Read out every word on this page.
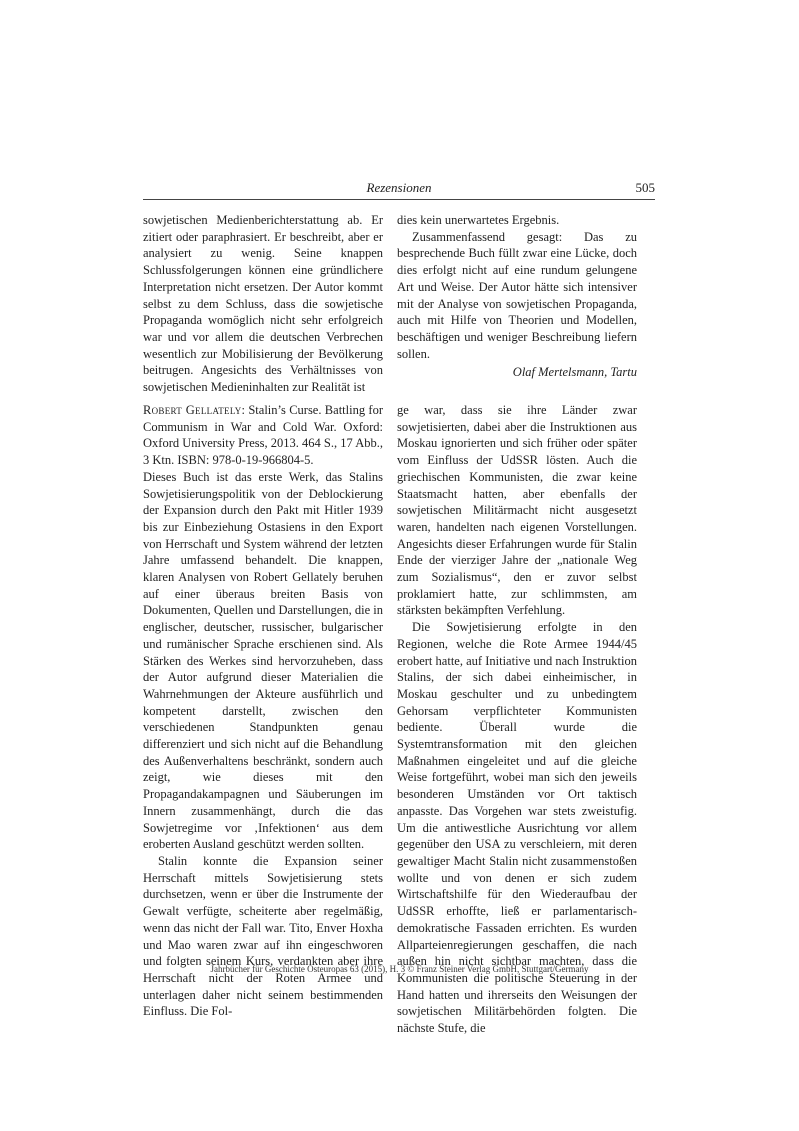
Rezensionen	505

sowjetischen Medienberichterstattung ab. Er zitiert oder paraphrasiert. Er beschreibt, aber er analysiert zu wenig. Seine knappen Schlussfolgerungen können eine gründlichere Interpretation nicht ersetzen. Der Autor kommt selbst zu dem Schluss, dass die sowjetische Propaganda womöglich nicht sehr erfolgreich war und vor allem die deutschen Verbrechen wesentlich zur Mobilisierung der Bevölkerung beitrugen. Angesichts des Verhältnisses von sowjetischen Medieninhalten zur Realität ist

dies kein unerwartetes Ergebnis.

Zusammenfassend gesagt: Das zu besprechende Buch füllt zwar eine Lücke, doch dies erfolgt nicht auf eine rundum gelungene Art und Weise. Der Autor hätte sich intensiver mit der Analyse von sowjetischen Propaganda, auch mit Hilfe von Theorien und Modellen, beschäftigen und weniger Beschreibung liefern sollen.

Olaf Mertelsmann, Tartu

Robert Gellately: Stalin’s Curse. Battling for Communism in War and Cold War. Oxford: Oxford University Press, 2013. 464 S., 17 Abb., 3 Ktn. ISBN: 978-0-19-966804-5.

Dieses Buch ist das erste Werk, das Stalins Sowjetisierungspolitik von der Deblockierung der Expansion durch den Pakt mit Hitler 1939 bis zur Einbeziehung Ostasiens in den Export von Herrschaft und System während der letzten Jahre umfassend behandelt. Die knappen, klaren Analysen von Robert Gellately beruhen auf einer überaus breiten Basis von Dokumenten, Quellen und Darstellungen, die in englischer, deutscher, russischer, bulgarischer und rumänischer Sprache erschienen sind. Als Stärken des Werkes sind hervorzuheben, dass der Autor aufgrund dieser Materialien die Wahrnehmungen der Akteure ausführlich und kompetent darstellt, zwischen den verschiedenen Standpunkten genau differenziert und sich nicht auf die Behandlung des Außenverhaltens beschränkt, sondern auch zeigt, wie dieses mit den Propagandakampagnen und Säuberungen im Innern zusammenhängt, durch die das Sowjetregime vor ‚Infektionen‘ aus dem eroberten Ausland geschützt werden sollten.

Stalin konnte die Expansion seiner Herrschaft mittels Sowjetisierung stets durchsetzen, wenn er über die Instrumente der Gewalt verfügte, scheiterte aber regelmäßig, wenn das nicht der Fall war. Tito, Enver Hoxha und Mao waren zwar auf ihn eingeschworen und folgten seinem Kurs, verdankten aber ihre Herrschaft nicht der Roten Armee und unterlagen daher nicht seinem bestimmenden Einfluss. Die Fol-

ge war, dass sie ihre Länder zwar sowjetisierten, dabei aber die Instruktionen aus Moskau ignorierten und sich früher oder später vom Einfluss der UdSSR lösten. Auch die griechischen Kommunisten, die zwar keine Staatsmacht hatten, aber ebenfalls der sowjetischen Militärmacht nicht ausgesetzt waren, handelten nach eigenen Vorstellungen. Angesichts dieser Erfahrungen wurde für Stalin Ende der vierziger Jahre der „nationale Weg zum Sozialismus“, den er zuvor selbst proklamiert hatte, zur schlimmsten, am stärksten bekämpften Verfehlung.

Die Sowjetisierung erfolgte in den Regionen, welche die Rote Armee 1944/45 erobert hatte, auf Initiative und nach Instruktion Stalins, der sich dabei einheimischer, in Moskau geschulter und zu unbedingtem Gehorsam verpflichteter Kommunisten bediente. Überall wurde die Systemtransformation mit den gleichen Maßnahmen eingeleitet und auf die gleiche Weise fortgeführt, wobei man sich den jeweils besonderen Umständen vor Ort taktisch anpasste. Das Vorgehen war stets zweistufig. Um die antiwestliche Ausrichtung vor allem gegenüber den USA zu verschleiern, mit deren gewaltiger Macht Stalin nicht zusammenstoßen wollte und von denen er sich zudem Wirtschaftshilfe für den Wiederaufbau der UdSSR erhoffte, ließ er parlamentarisch-demokratische Fassaden errichten. Es wurden Allparteienregierungen geschaffen, die nach außen hin nicht sichtbar machten, dass die Kommunisten die politische Steuerung in der Hand hatten und ihrerseits den Weisungen der sowjetischen Militärbehörden folgten. Die nächste Stufe, die

Jahrbücher für Geschichte Osteuropas 63 (2015), H. 3 © Franz Steiner Verlag GmbH, Stuttgart/Germany
